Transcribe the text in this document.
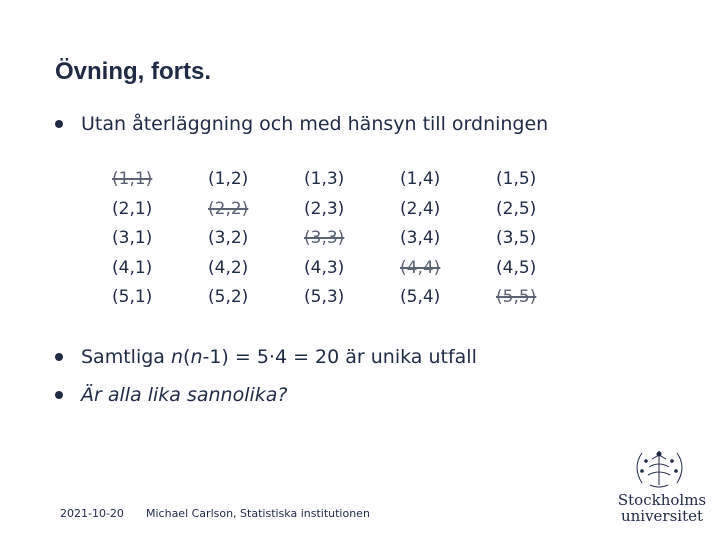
Övning, forts.
Utan återläggning och med hänsyn till ordningen
(1,1)	(1,2)	(1,3)	(1,4)	(1,5)
(2,1)	(2,2)	(2,3)	(2,4)	(2,5)
(3,1)	(3,2)	(3,3)	(3,4)	(3,5)
(4,1)	(4,2)	(4,3)	(4,4)	(4,5)
(5,1)	(5,2)	(5,3)	(5,4)	(5,5)
Samtliga n(n-1) = 5·4 = 20 är unika utfall
Är alla lika sannolika?
2021-10-20 Michael Carlson, Statistiska institutionen
Stockholms
universitet
